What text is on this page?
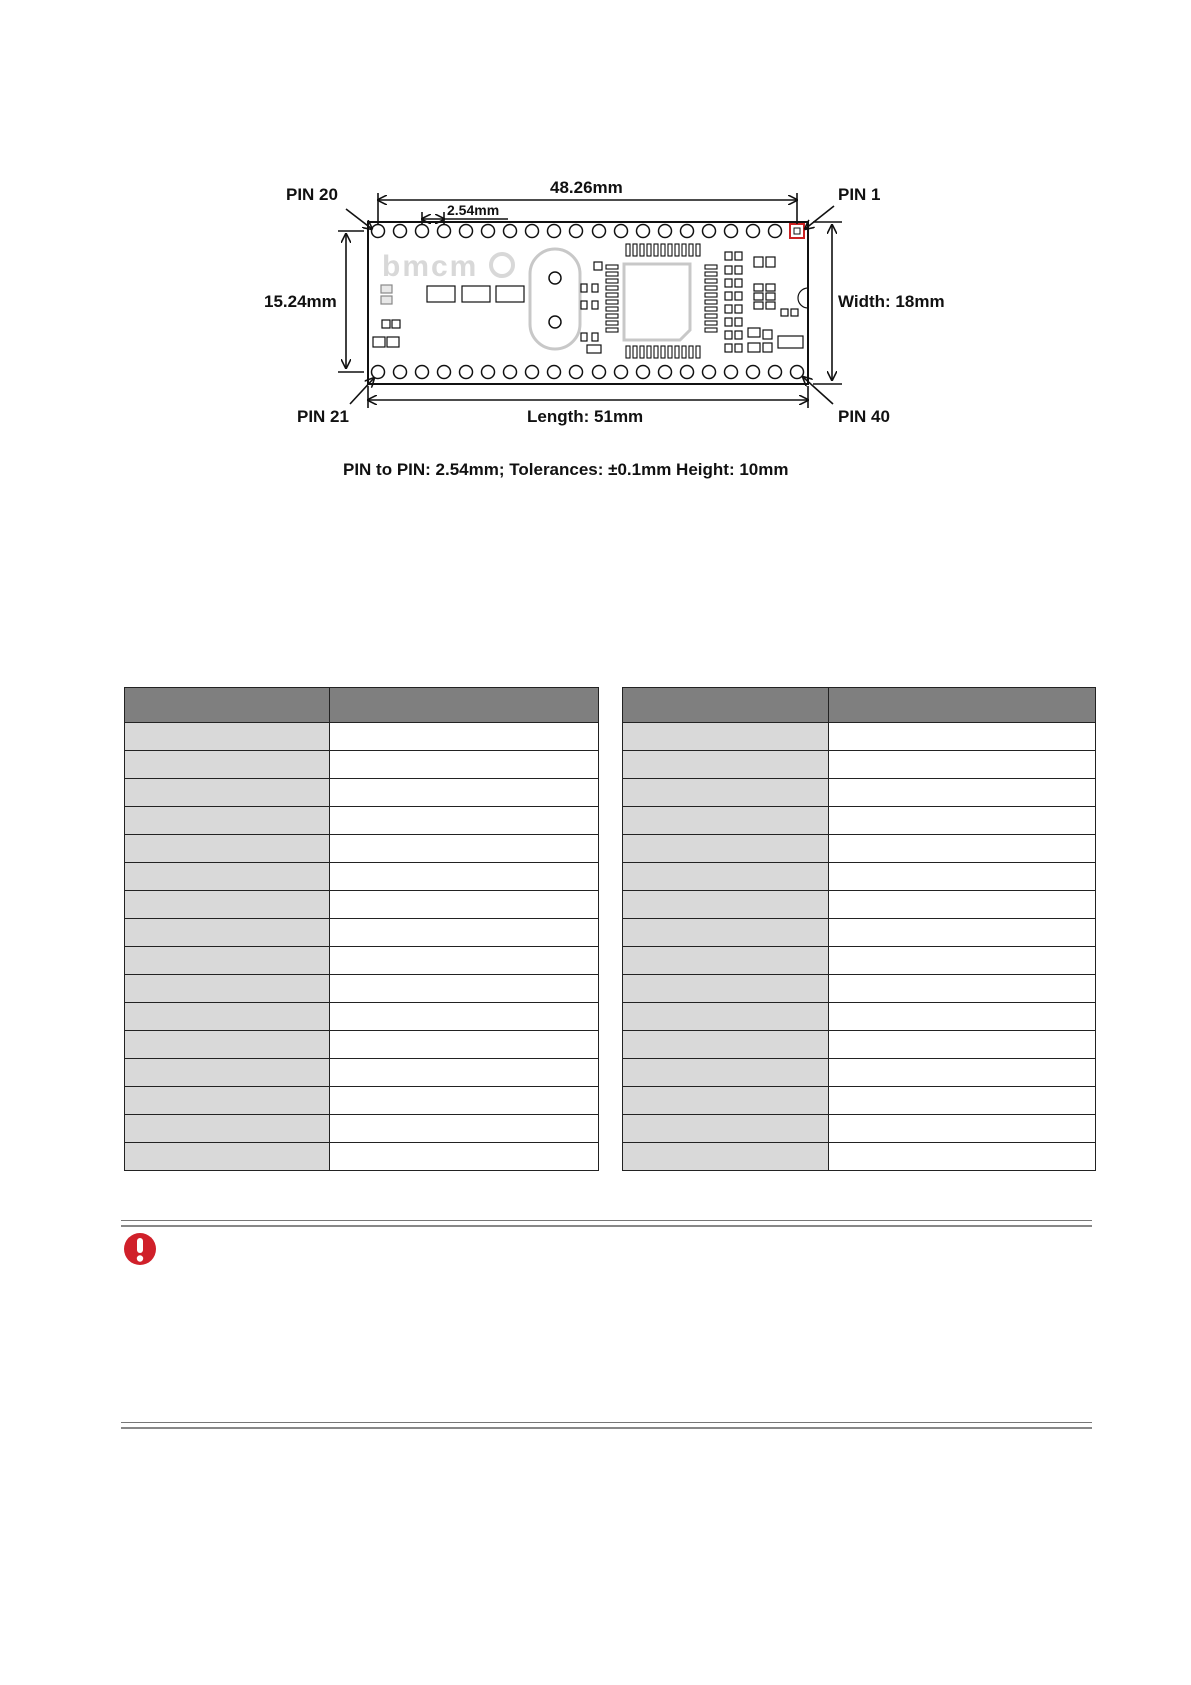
bmcm
PIN 20	PIN 1
PIN 21	PIN 40
48.26mm
2.54mm
15.24mm	Width: 18mm
Length: 51mm
PIN to PIN: 2.54mm; Tolerances: ±0.1mm Height: 10mm
